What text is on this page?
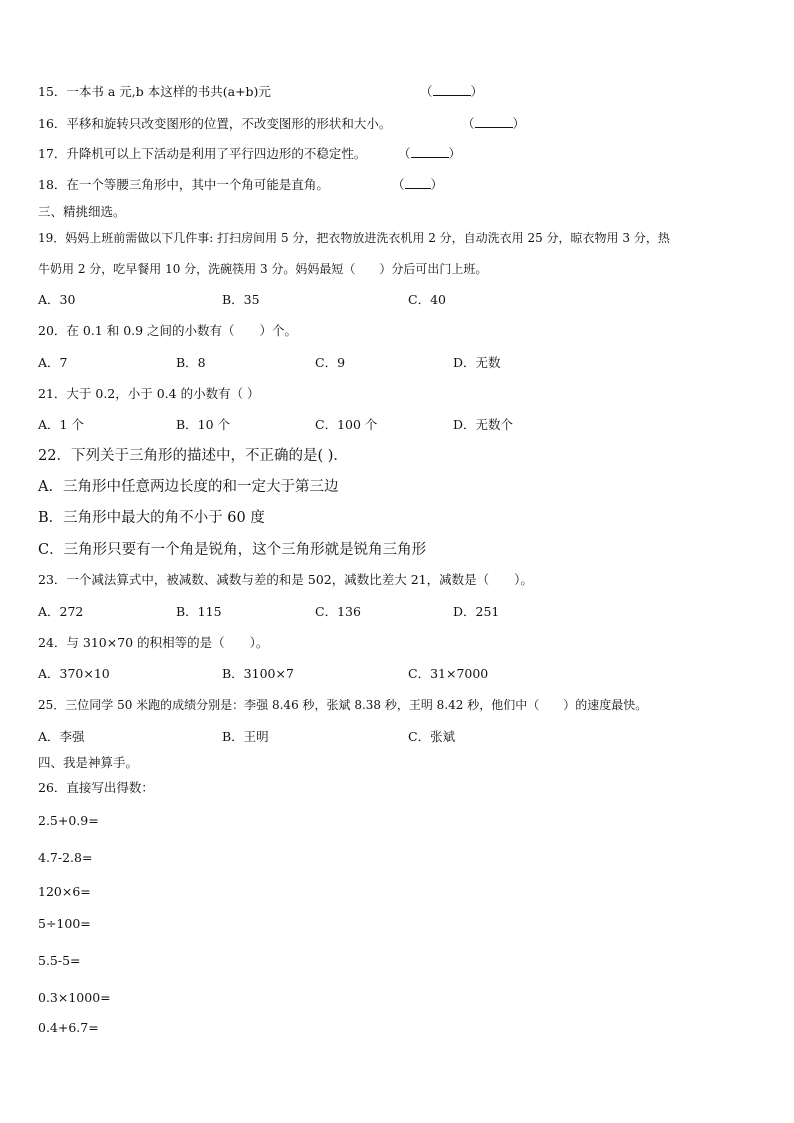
15．一本书 a 元,b 本这样的书共(a+b)元	（	）
16．平移和旋转只改变图形的位置，不改变图形的形状和大小。	（	）
17．升降机可以上下活动是利用了平行四边形的不稳定性。	（	）
18．在一个等腰三角形中，其中一个角可能是直角。	（ ）
三、精挑细选。
19．妈妈上班前需做以下几件事: 打扫房间用 5 分，把衣物放进洗衣机用 2 分，自动洗衣用 25 分，晾衣物用 3 分，热
牛奶用 2 分，吃早餐用 10 分，洗碗筷用 3 分。妈妈最短（　　）分后可出门上班。
A．30	B．35	C．40
20．在 0.1 和 0.9 之间的小数有（　　）个。
A．7	B．8	C．9	D．无数
21．大于 0.2，小于 0.4 的小数有（ ）
A．1 个	B．10 个	C．100 个	D．无数个
22．下列关于三角形的描述中，不正确的是( )．
A．三角形中任意两边长度的和一定大于第三边
B．三角形中最大的角不小于 60 度
C．三角形只要有一个角是锐角，这个三角形就是锐角三角形
23．一个减法算式中，被减数、减数与差的和是 502，减数比差大 21，减数是（　　）。
A．272	B．115	C．136	D．251
24．与 310×70 的积相等的是（　　）。
A．370×10	B．3100×7	C．31×7000
25．三位同学 50 米跑的成绩分别是：李强 8.46 秒，张斌 8.38 秒，王明 8.42 秒，他们中（　　）的速度最快。
A．李强	B．王明	C．张斌
四、我是神算手。
26．直接写出得数：
2.5+0.9=
4.7-2.8=
120×6=
5÷100=
5.5-5=
0.3×1000=
0.4+6.7=
